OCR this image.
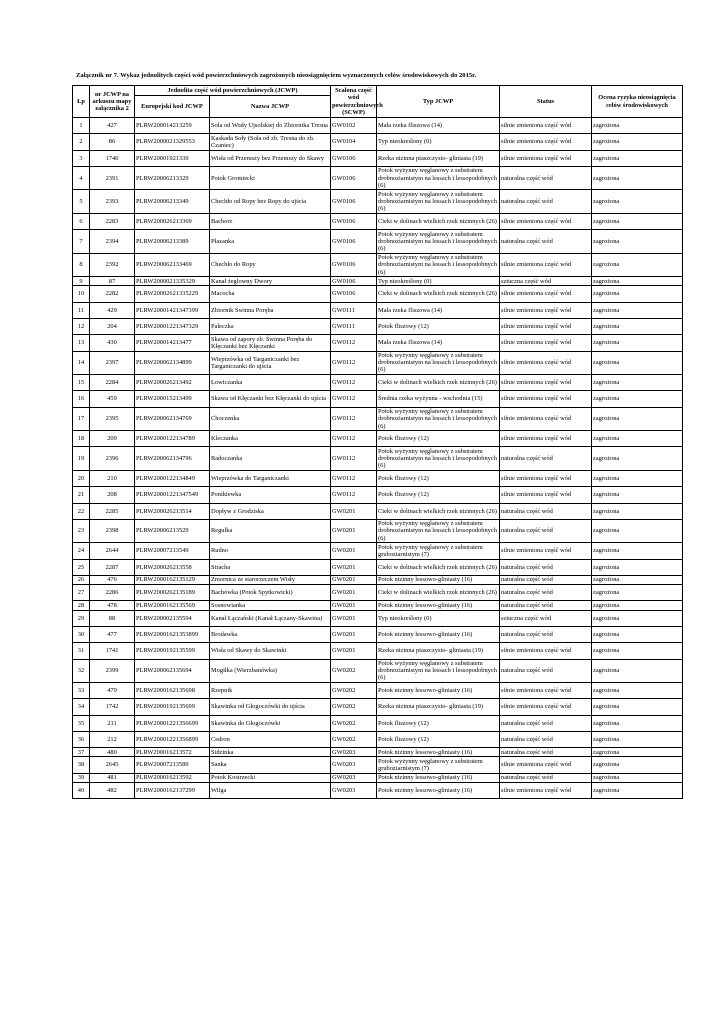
Załącznik nr 7. Wykaz jednolitych części wód powierzchniowych zagrożonych nieosiągnięciem wyznaczonych celów środowiskowych do 2015r.
Lp	nr JCWP na arkuszu mapy załącznika 2	Jednolita część wód powierzchniowych (JCWP)		Scalona część wód powierzchniowych (SCWP)	Typ JCWP	Status	Ocena ryzyka nieosiągnięcia celów środowiskowych
		Europejski kod JCWP	Nazwa JCWP				
1	427	PLRW200014213259	Soła od Wody Ujsolskiej do Zbiornika Tresna	GW0102	Mała rzeka fliszowa (14)	silnie zmieniona część wód	zagrożona
2	86	PLRW2000021329553	Kaskada Soły (Soła od zb. Tresna do zb. Czaniec)	GW0104	Typ nieokreślony (0)	silnie zmieniona część wód	zagrożona
3	1740	PLRW20001921339	Wisła od Przemszy bez Przemszy do Skawy	GW0106	Rzeka nizinna piaszczysto- gliniasta (19)	silnie zmieniona część wód	zagrożona
4	2391	PLRW20006213329	Potok Gromiecki	GW0106	Potok wyżynny węglanowy z substratem drobnoziarnistym na lessach i lessopodobnych (6)	naturalna część wód	zagrożona
5	2393	PLRW20006213349	Chechło od Ropy bez Ropy do ujścia	GW0106	Potok wyżynny węglanowy z substratem drobnoziarnistym na lessach i lessopodobnych (6)	naturalna część wód	zagrożona
6	2283	PLRW200026213369	Bachorz	GW0106	Cieki w dolinach wielkich rzek nizinnych (26)	silnie zmieniona część wód	zagrożona
7	2394	PLRW20006213389	Płazanka	GW0106	Potok wyżynny węglanowy z substratem drobnoziarnistym na lessach i lessopodobnych (6)	naturalna część wód	zagrożona
8	2392	PLRW200062133469	Chechło do Ropy	GW0106	Potok wyżynny węglanowy z substratem drobnoziarnistym na lessach i lessopodobnych (6)	silnie zmieniona część wód	zagrożona
9	87	PLRW2000021335329	Kanał żeglowny Dwory	GW0106	Typ nieokreślony (0)	sztuczna część wód	zagrożona
10	2282	PLRW20002621335229	Macocha	GW0106	Cieki w dolinach wielkich rzek nizinnych (26)	silnie zmieniona część wód	zagrożona
11	429	PLRW20001421347399	Zbiornik Świnna Poręba	GW0111	Mała rzeka fliszowa (14)	silnie zmieniona część wód	zagrożona
12	204	PLRW20001221347329	Paleczka	GW0111	Potok fliszowy (12)	silnie zmieniona część wód	zagrożona
13	430	PLRW200014213477	Skawa od zapory zb. Świnna Poręba do Kłęczanki bez Kłęczanki	GW0112	Mała rzeka fliszowa (14)	silnie zmieniona część wód	zagrożona
14	2397	PLRW200062134899	Wieprzówka od Targaniczanki bez Targaniczanki do ujścia	GW0112	Potok wyżynny węglanowy z substratem drobnoziarnistym na lessach i lessopodobnych (6)	silnie zmieniona część wód	zagrożona
15	2284	PLRW200026213492	Łowiczanka	GW0112	Cieki w dolinach wielkich rzek nizinnych (26)	silnie zmieniona część wód	zagrożona
16	459	PLRW200015213499	Skawa od Kłęczanki bez Kłęczanki do ujścia	GW0112	Średnia rzeka wyżynna - wschodnia (15)	silnie zmieniona część wód	zagrożona
17	2395	PLRW200062134769	Choczenka	GW0112	Potok wyżynny węglanowy z substratem drobnoziarnistym na lessach i lessopodobnych (6)	silnie zmieniona część wód	zagrożona
18	209	PLRW2000122134789	Kleczanka	GW0112	Potok fliszowy (12)	silnie zmieniona część wód	zagrożona
19	2396	PLRW200062134796	Radoczanka	GW0112	Potok wyżynny węglanowy z substratem drobnoziarnistym na lessach i lessopodobnych (6)	naturalna część wód	zagrożona
20	210	PLRW2000122134849	Wieprzówka do Targaniczanki	GW0112	Potok fliszowy (12)	silnie zmieniona część wód	zagrożona
21	208	PLRW20001221347549	Ponikiewka	GW0112	Potok fliszowy (12)	silnie zmieniona część wód	zagrożona
22	2285	PLRW200026213514	Dopływ z Grodziska	GW0201	Cieki w dolinach wielkich rzek nizinnych (26)	naturalna część wód	zagrożona
23	2398	PLRW20006213529	Regulka	GW0201	Potok wyżynny węglanowy z substratem drobnoziarnistym na lessach i lessopodobnych (6)	naturalna część wód	zagrożona
24	2644	PLRW20007213549	Rudno	GW0201	Potok wyżynny węglanowy z substratem gruboziarnistym (7)	silnie zmieniona część wód	zagrożona
25	2287	PLRW200026213558	Stracha	GW0201	Cieki w dolinach wielkich rzek nizinnych (26)	naturalna część wód	zagrożona
26	476	PLRW2000162135129	Zmornica ze starorzeczem Wisły	GW0201	Potok nizinny lessowo-gliniasty (16)	naturalna część wód	zagrożona
27	2286	PLRW2000262135189	Bachówka (Potok Spytkowicki)	GW0201	Cieki w dolinach wielkich rzek nizinnych (26)	naturalna część wód	zagrożona
28	478	PLRW2000162135569	Sosnowianka	GW0201	Potok nizinny lessowo-gliniasty (16)	naturalna część wód	zagrożona
29	88	PLRW200002135594	Kanał Łączański (Kanał Łączany-Skawina)	GW0201	Typ nieokreślony (0)	sztuczna część wód	zagrożona
30	477	PLRW20001621353899	Brodawka	GW0201	Potok nizinny lessowo-gliniasty (16)	naturalna część wód	zagrożona
31	1741	PLRW2000192135599	Wisła od Skawy do Skawinki	GW0201	Rzeka nizinna piaszczysto- gliniasta (19)	silnie zmieniona część wód	zagrożona
32	2399	PLRW200062135694	Mogiłka (Wierzbanówka)	GW0202	Potok wyżynny węglanowy z substratem drobnoziarnistym na lessach i lessopodobnych (6)	naturalna część wód	zagrożona
33	479	PLRW2000162135698	Rzepnik	GW0202	Potok nizinny lessowo-gliniasty (16)	silnie zmieniona część wód	zagrożona
34	1742	PLRW2000192135699	Skawinka od Głogoczówki do ujścia	GW0202	Rzeka nizinna piaszczysto- gliniasta (19)	silnie zmieniona część wód	zagrożona
35	211	PLRW20001221356699	Skawinka do Głogoczówki	GW0202	Potok fliszowy (12)	naturalna część wód	zagrożona
36	212	PLRW20001221356899	Cedron	GW0202	Potok fliszowy (12)	naturalna część wód	zagrożona
37	480	PLRW200016213572	Sidzinka	GW0203	Potok nizinny lessowo-gliniasty (16)	naturalna część wód	zagrożona
38	2645	PLRW20007213589	Sanka	GW0203	Potok wyżynny węglanowy z substratem gruboziarnistym (7)	silnie zmieniona część wód	zagrożona
39	481	PLRW200016213592	Potok Kostrzecki	GW0203	Potok nizinny lessowo-gliniasty (16)	naturalna część wód	zagrożona
40	482	PLRW2000162137299	Wilga	GW0203	Potok nizinny lessowo-gliniasty (16)	silnie zmieniona część wód	zagrożona
